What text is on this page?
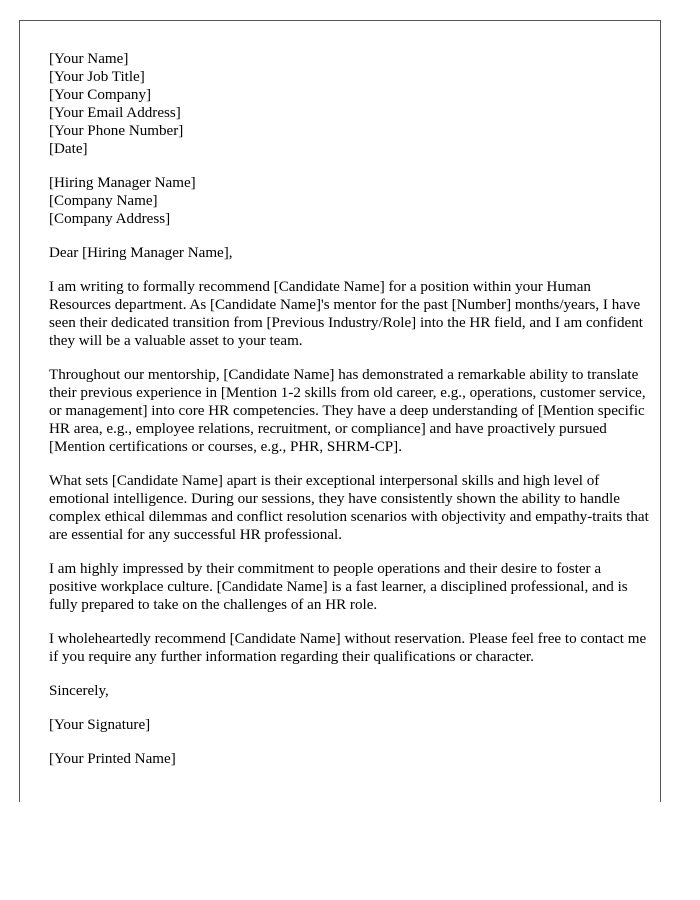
[Your Name]
[Your Job Title]
[Your Company]
[Your Email Address]
[Your Phone Number]
[Date]
[Hiring Manager Name]
[Company Name]
[Company Address]

Dear [Hiring Manager Name],

I am writing to formally recommend [Candidate Name] for a position within your Human Resources department. As [Candidate Name]'s mentor for the past [Number] months/years, I have seen their dedicated transition from [Previous Industry/Role] into the HR field, and I am confident they will be a valuable asset to your team.

Throughout our mentorship, [Candidate Name] has demonstrated a remarkable ability to translate their previous experience in [Mention 1-2 skills from old career, e.g., operations, customer service, or management] into core HR competencies. They have a deep understanding of [Mention specific HR area, e.g., employee relations, recruitment, or compliance] and have proactively pursued [Mention certifications or courses, e.g., PHR, SHRM-CP].

What sets [Candidate Name] apart is their exceptional interpersonal skills and high level of emotional intelligence. During our sessions, they have consistently shown the ability to handle complex ethical dilemmas and conflict resolution scenarios with objectivity and empathy-traits that are essential for any successful HR professional.

I am highly impressed by their commitment to people operations and their desire to foster a positive workplace culture. [Candidate Name] is a fast learner, a disciplined professional, and is fully prepared to take on the challenges of an HR role.

I wholeheartedly recommend [Candidate Name] without reservation. Please feel free to contact me if you require any further information regarding their qualifications or character.

Sincerely,

[Your Signature]

[Your Printed Name]
